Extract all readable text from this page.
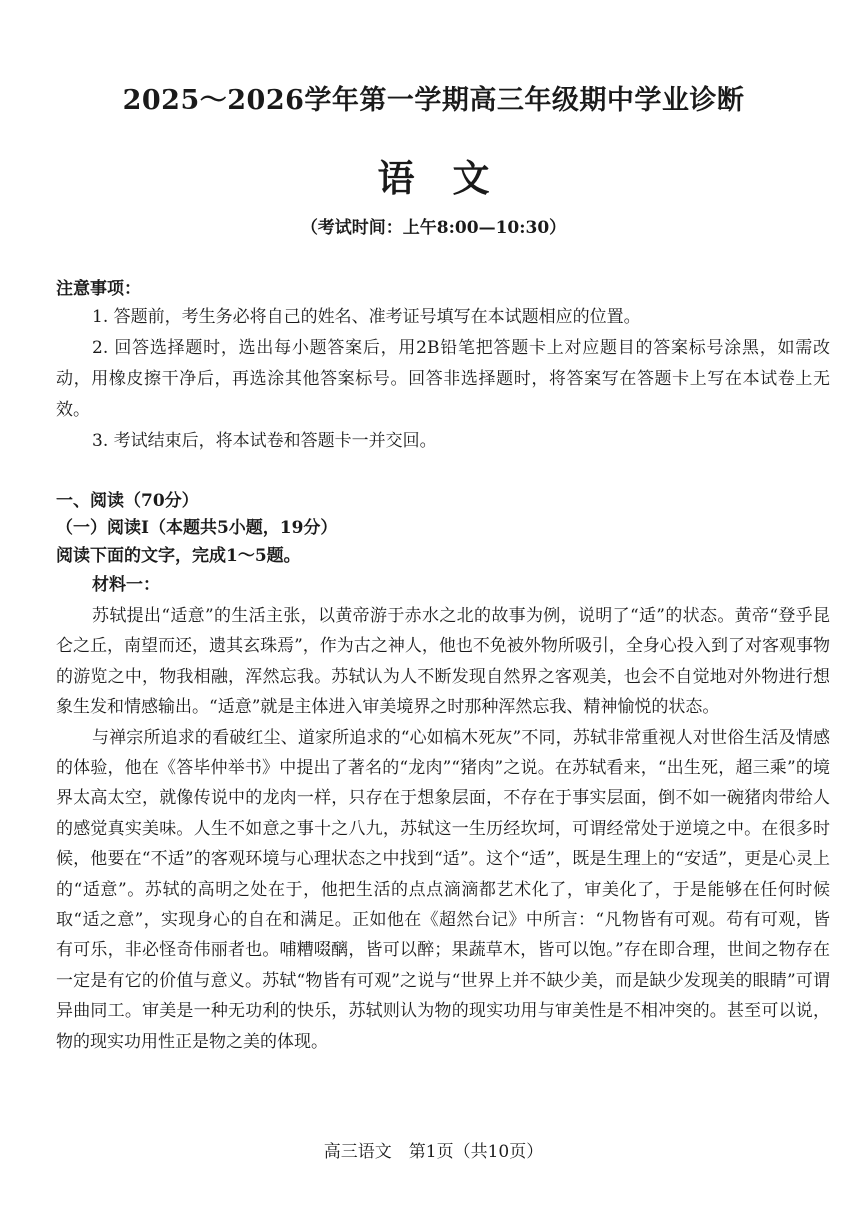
2025～2026学年第一学期高三年级期中学业诊断
语文
（考试时间：上午8:00—10:30）
注意事项：

1. 答题前，考生务必将自己的姓名、准考证号填写在本试题相应的位置。

2. 回答选择题时，选出每小题答案后，用2B铅笔把答题卡上对应题目的答案标号涂黑，如需改动，用橡皮擦干净后，再选涂其他答案标号。回答非选择题时，将答案写在答题卡上写在本试卷上无效。

3. 考试结束后，将本试卷和答题卡一并交回。

一、阅读（70分）
（一）阅读Ⅰ（本题共5小题，19分）
阅读下面的文字，完成1～5题。
材料一：

苏轼提出“适意”的生活主张，以黄帝游于赤水之北的故事为例，说明了“适”的状态。黄帝“登乎昆仑之丘，南望而还，遗其玄珠焉”，作为古之神人，他也不免被外物所吸引，全身心投入到了对客观事物的游览之中，物我相融，浑然忘我。苏轼认为人不断发现自然界之客观美，也会不自觉地对外物进行想象生发和情感输出。“适意”就是主体进入审美境界之时那种浑然忘我、精神愉悦的状态。

与禅宗所追求的看破红尘、道家所追求的“心如槁木死灰”不同，苏轼非常重视人对世俗生活及情感的体验，他在《答毕仲举书》中提出了著名的“龙肉”“猪肉”之说。在苏轼看来，“出生死，超三乘”的境界太高太空，就像传说中的龙肉一样，只存在于想象层面，不存在于事实层面，倒不如一碗猪肉带给人的感觉真实美味。人生不如意之事十之八九，苏轼这一生历经坎坷，可谓经常处于逆境之中。在很多时候，他要在“不适”的客观环境与心理状态之中找到“适”。这个“适”，既是生理上的“安适”，更是心灵上的“适意”。苏轼的高明之处在于，他把生活的点点滴滴都艺术化了，审美化了，于是能够在任何时候取“适之意”，实现身心的自在和满足。正如他在《超然台记》中所言：“凡物皆有可观。苟有可观，皆有可乐，非必怪奇伟丽者也。哺糟啜醨，皆可以醉；果蔬草木，皆可以饱。”存在即合理，世间之物存在一定是有它的价值与意义。苏轼“物皆有可观”之说与“世界上并不缺少美，而是缺少发现美的眼睛”可谓异曲同工。审美是一种无功利的快乐，苏轼则认为物的现实功用与审美性是不相冲突的。甚至可以说，物的现实功用性正是物之美的体现。

高三语文　第1页（共10页）
